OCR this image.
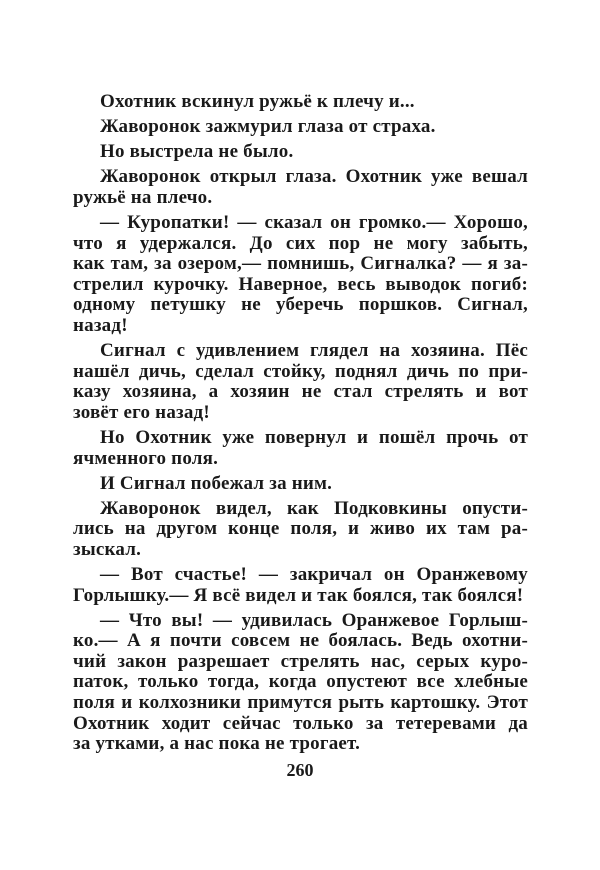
Охотник вскинул ружьё к плечу и...
Жаворонок зажмурил глаза от страха.
Но выстрела не было.
Жаворонок открыл глаза. Охотник уже вешал
ружьё на плечо.
— Куропатки! — сказал он громко.— Хорошо,
что я удержался. До сих пор не могу забыть,
как там, за озером,— помнишь, Сигналка? — я за-
стрелил курочку. Наверное, весь выводок погиб:
одному петушку не уберечь поршков. Сигнал,
назад!
Сигнал с удивлением глядел на хозяина. Пёс
нашёл дичь, сделал стойку, поднял дичь по при-
казу хозяина, а хозяин не стал стрелять и вот
зовёт его назад!
Но Охотник уже повернул и пошёл прочь от
ячменного поля.
И Сигнал побежал за ним.
Жаворонок видел, как Подковкины опусти-
лись на другом конце поля, и живо их там ра-
зыскал.
— Вот счастье! — закричал он Оранжевому
Горлышку.— Я всё видел и так боялся, так боялся!
— Что вы! — удивилась Оранжевое Горлыш-
ко.— А я почти совсем не боялась. Ведь охотни-
чий закон разрешает стрелять нас, серых куро-
паток, только тогда, когда опустеют все хлебные
поля и колхозники примутся рыть картошку. Этот
Охотник ходит сейчас только за тетеревами да
за утками, а нас пока не трогает.
260
